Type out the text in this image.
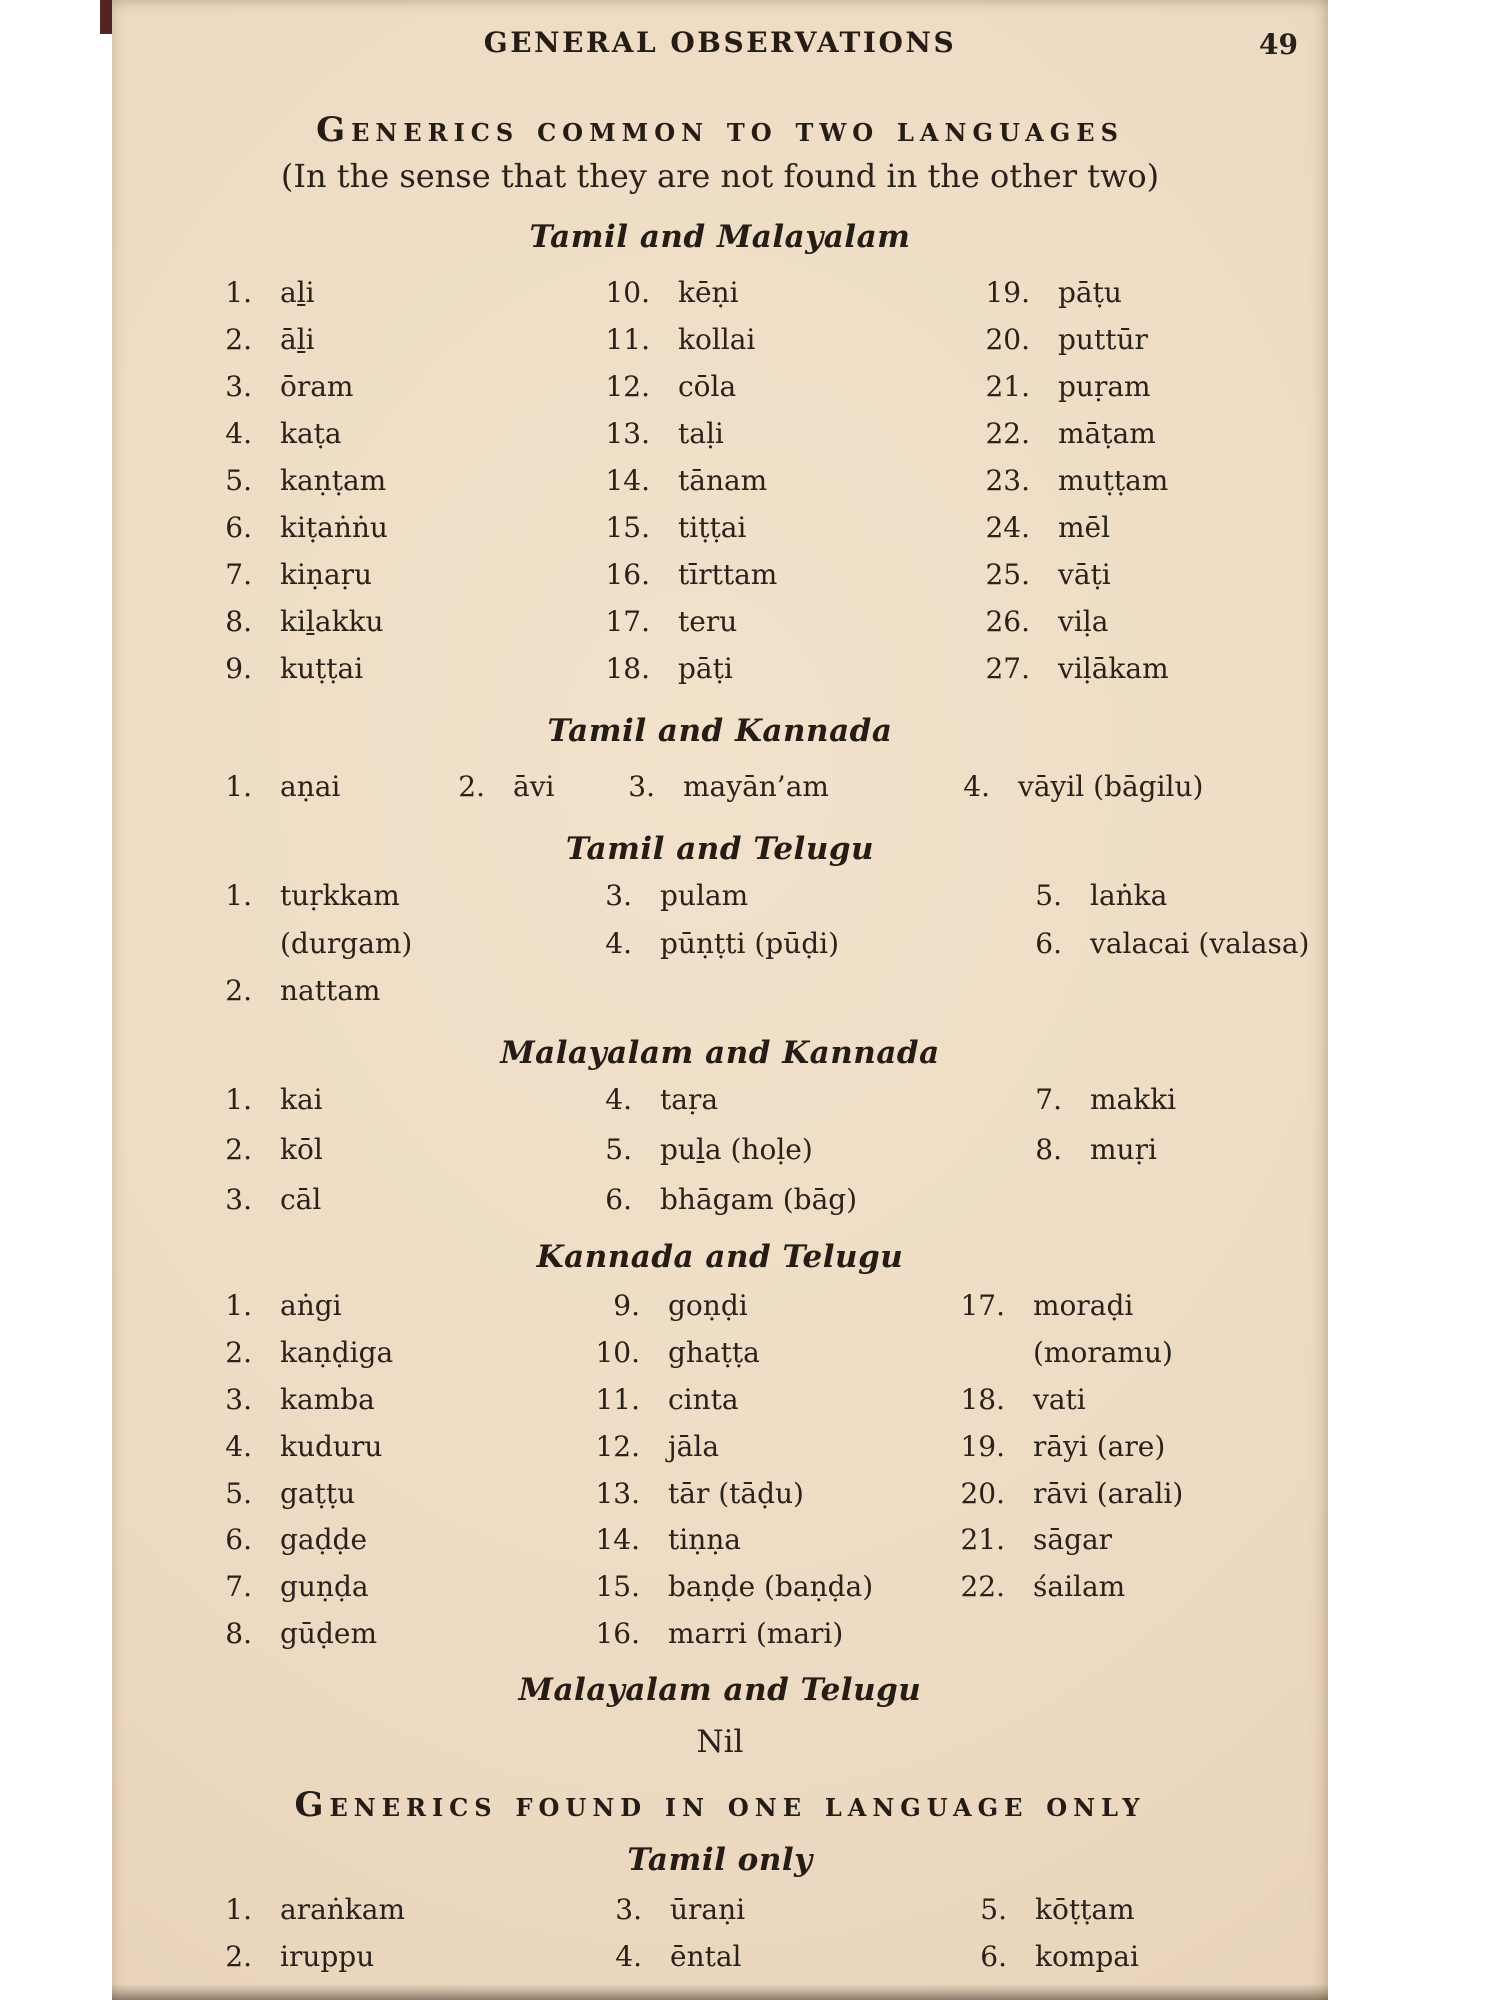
GENERAL OBSERVATIONS	49
Generics common to two languages
(In the sense that they are not found in the other two)
Tamil and Malayalam
1. aḻi
2. āḻi
3. ōram
4. kaṭa
5. kaṇṭam
6. kiṭaṅṅu
7. kiṇaṛu
8. kiḻakku
9. kuṭṭai
10. kēṇi
11. kollai
12. cōla
13. taḷi
14. tānam
15. tiṭṭai
16. tīrttam
17. teru
18. pāṭi
19. pāṭu
20. puttūr
21. puṛam
22. māṭam
23. muṭṭam
24. mēl
25. vāṭi
26. viḷa
27. viḷākam
Tamil and Kannada
1. aṇai	2. āvi	3. mayān’am	4. vāyil (bāgilu)
Tamil and Telugu
1. tuṛkkam
(durgam)
2. nattam
3. pulam
4. pūṇṭti (pūḍi)
5. laṅka
6. valacai (valasa)
Malayalam and Kannada
1. kai
2. kōl
3. cāl
4. taṛa
5. puḻa (hoḷe)
6. bhāgam (bāg)
7. makki
8. muṛi
Kannada and Telugu
1. aṅgi
2. kaṇḍiga
3. kamba
4. kuduru
5. gaṭṭu
6. gaḍḍe
7. guṇḍa
8. gūḍem
9. goṇḍi
10. ghaṭṭa
11. cinta
12. jāla
13. tār (tāḍu)
14. tiṇṇa
15. baṇḍe (baṇḍa)
16. marri (mari)
17. moraḍi
(moramu)
18. vati
19. rāyi (are)
20. rāvi (arali)
21. sāgar
22. śailam
Malayalam and Telugu
Nil
Generics found in one language only
Tamil only
1. araṅkam
2. iruppu
3. ūraṇi
4. ēntal
5. kōṭṭam
6. kompai
